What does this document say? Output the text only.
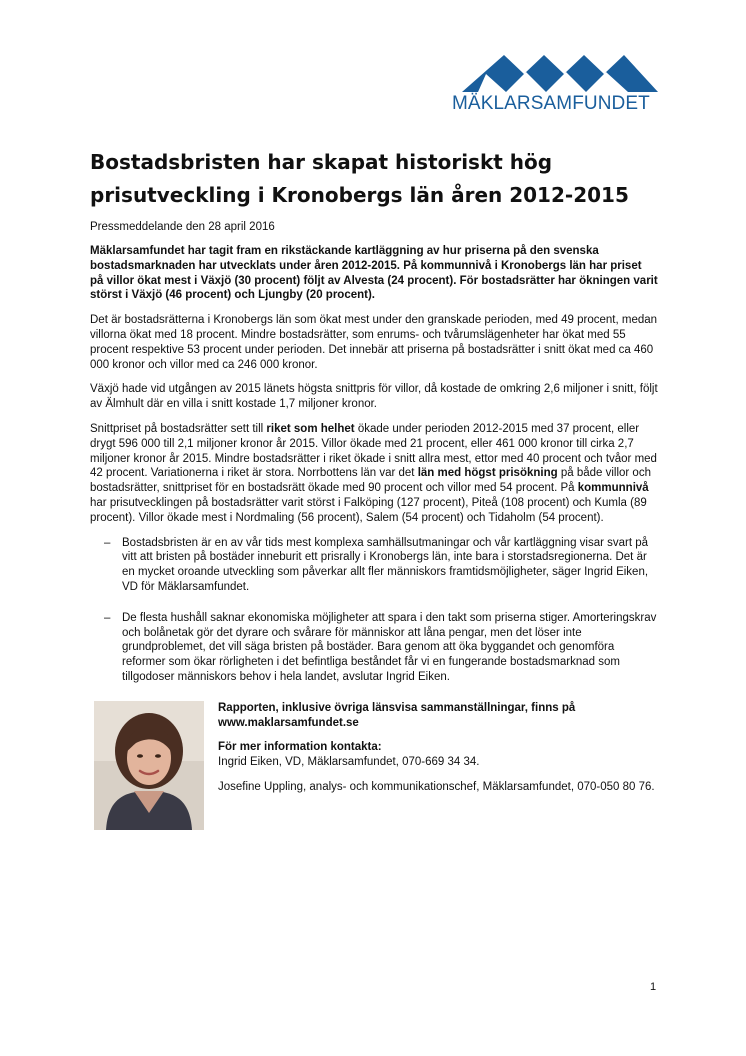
MÄKLARSAMFUNDET
Bostadsbristen har skapat historiskt hög prisutveckling i Kronobergs län åren 2012-2015

Pressmeddelande den 28 april 2016

Mäklarsamfundet har tagit fram en rikstäckande kartläggning av hur priserna på den svenska bostadsmarknaden har utvecklats under åren 2012-2015. På kommunnivå i Kronobergs län har priset på villor ökat mest i Växjö (30 procent) följt av Alvesta (24 procent). För bostadsrätter har ökningen varit störst i Växjö (46 procent) och Ljungby (20 procent).

Det är bostadsrätterna i Kronobergs län som ökat mest under den granskade perioden, med 49 procent, medan villorna ökat med 18 procent. Mindre bostadsrätter, som enrums- och tvårumslägenheter har ökat med 55 procent respektive 53 procent under perioden. Det innebär att priserna på bostadsrätter i snitt ökat med ca 460 000 kronor och villor med ca 246 000 kronor.

Växjö hade vid utgången av 2015 länets högsta snittpris för villor, då kostade de omkring 2,6 miljoner i snitt, följt av Älmhult där en villa i snitt kostade 1,7 miljoner kronor.

Snittpriset på bostadsrätter sett till riket som helhet ökade under perioden 2012-2015 med 37 procent, eller drygt 596 000 till 2,1 miljoner kronor år 2015. Villor ökade med 21 procent, eller 461 000 kronor till cirka 2,7 miljoner kronor år 2015. Mindre bostadsrätter i riket ökade i snitt allra mest, ettor med 40 procent och tvåor med 42 procent. Variationerna i riket är stora. Norrbottens län var det län med högst prisökning på både villor och bostadsrätter, snittpriset för en bostadsrätt ökade med 90 procent och villor med 54 procent. På kommunnivå har prisutvecklingen på bostadsrätter varit störst i Falköping (127 procent), Piteå (108 procent) och Kumla (89 procent). Villor ökade mest i Nordmaling (56 procent), Salem (54 procent) och Tidaholm (54 procent).

– Bostadsbristen är en av vår tids mest komplexa samhällsutmaningar och vår kartläggning visar svart på vitt att bristen på bostäder inneburit ett prisrally i Kronobergs län, inte bara i storstadsregionerna. Det är en mycket oroande utveckling som påverkar allt fler människors framtidsmöjligheter, säger Ingrid Eiken, VD för Mäklarsamfundet.
– De flesta hushåll saknar ekonomiska möjligheter att spara i den takt som priserna stiger. Amorteringskrav och bolånetak gör det dyrare och svårare för människor att låna pengar, men det löser inte grundproblemet, det vill säga bristen på bostäder. Bara genom att öka byggandet och genomföra reformer som ökar rörligheten i det befintliga beståndet får vi en fungerande bostadsmarknad som tillgodoser människors behov i hela landet, avslutar Ingrid Eiken.

Rapporten, inklusive övriga länsvisa sammanställningar, finns på www.maklarsamfundet.se

För mer information kontakta:
Ingrid Eiken, VD, Mäklarsamfundet, 070-669 34 34.

Josefine Uppling, analys- och kommunikationschef, Mäklarsamfundet, 070-050 80 76.

1
